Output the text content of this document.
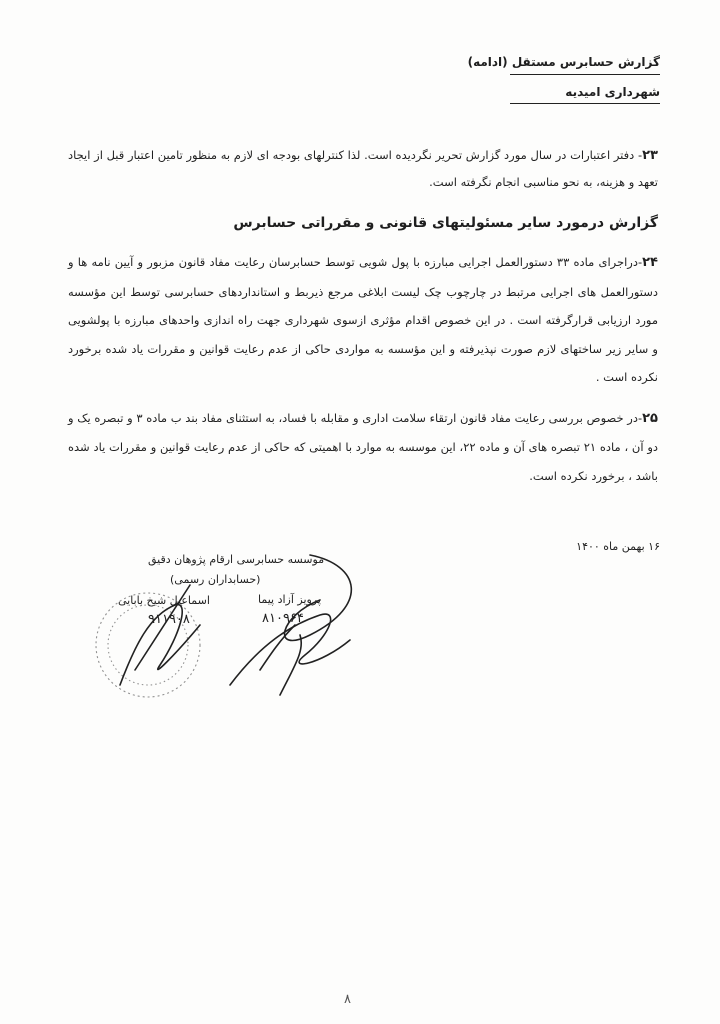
گزارش حسابرس مستقل (ادامه)
شهرداری امیدیه
۲۳- دفتر اعتبارات در سال مورد گزارش تحریر نگردیده است. لذا کنترلهای بودجه ای لازم به منظور تامین اعتبار قبل از ایجاد تعهد و هزینه، به نحو مناسبی انجام نگرفته است.
گزارش درمورد سایر مسئولیتهای قانونی و مقرراتی حسابرس
۲۴-دراجرای ماده ۳۳ دستورالعمل اجرایی مبارزه با پول شویی توسط حسابرسان رعایت مفاد قانون مزبور و آیین نامه ها و دستورالعمل های اجرایی مرتبط در چارچوب چک لیست ابلاغی مرجع ذیربط و استانداردهای حسابرسی توسط این مؤسسه مورد ارزیابی قرارگرفته است . در این خصوص اقدام مؤثری ازسوی شهرداری جهت راه اندازی واحدهای مبارزه با پولشویی و سایر زیر ساختهای لازم صورت نپذیرفته و این مؤسسه به مواردی حاکی از عدم رعایت قوانین و مقررات یاد شده برخورد نکرده است .
۲۵-در خصوص بررسی رعایت مفاد قانون ارتقاء سلامت اداری و مقابله با فساد، به استثنای مفاد بند ب ماده ۳ و تبصره یک و دو آن ، ماده ۲۱ تبصره های آن و ماده ۲۲، این موسسه به موارد با اهمیتی که حاکی از عدم رعایت قوانین و مقررات یاد شده باشد ، برخورد نکرده است.
۱۶ بهمن ماه ۱۴۰۰
موسسه حسابرسی ارقام پژوهان دقیق
(حسابداران رسمی)
پرویز آزاد پیما
اسماعیل شیخ بابایی
۸۱۰۹۶۴
۹۱۱۹۰۸
۸
